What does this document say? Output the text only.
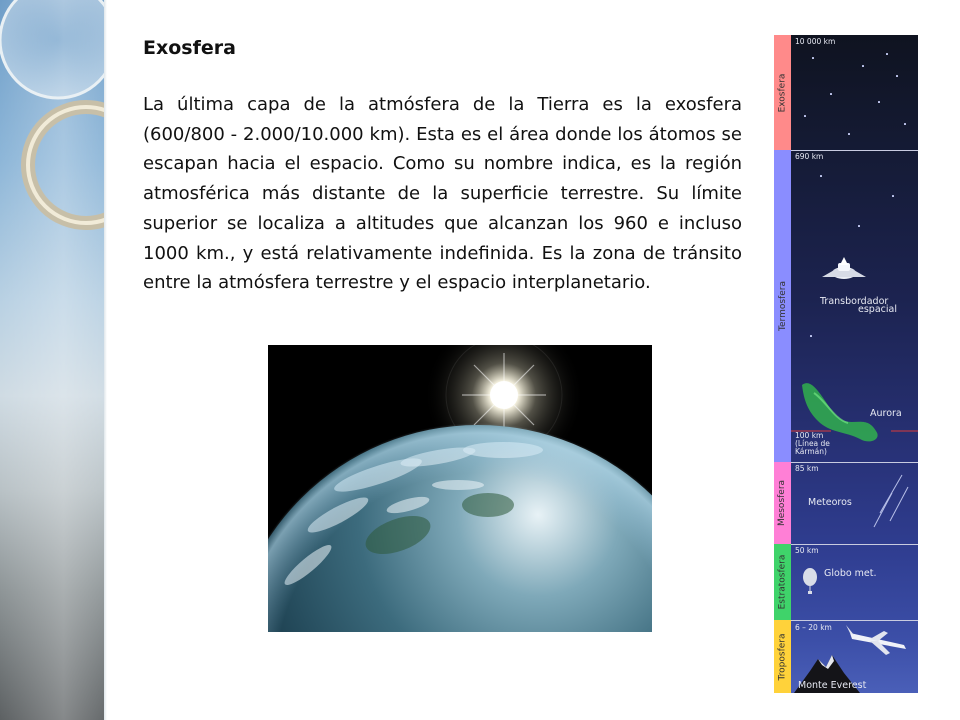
Exosfera
La última capa de la atmósfera de la Tierra es la exosfera (600/800 - 2.000/10.000 km). Esta es el área donde los átomos se escapan hacia el espacio. Como su nombre indica, es la región atmosférica más distante de la superficie terrestre. Su límite superior se localiza a altitudes que alcanzan los 960 e incluso 1000 km., y está relativamente indefinida. Es la zona de tránsito entre la atmósfera terrestre y el espacio interplanetario.
Exosfera
Termosfera
Mesosfera
Estratosfera
Troposfera
10 000 km
690 km
100 km
(Línea de
Kármán)
85 km
50 km
6 – 20 km
Transbordador
espacial
Aurora
Meteoros
Globo met.
Monte Everest
